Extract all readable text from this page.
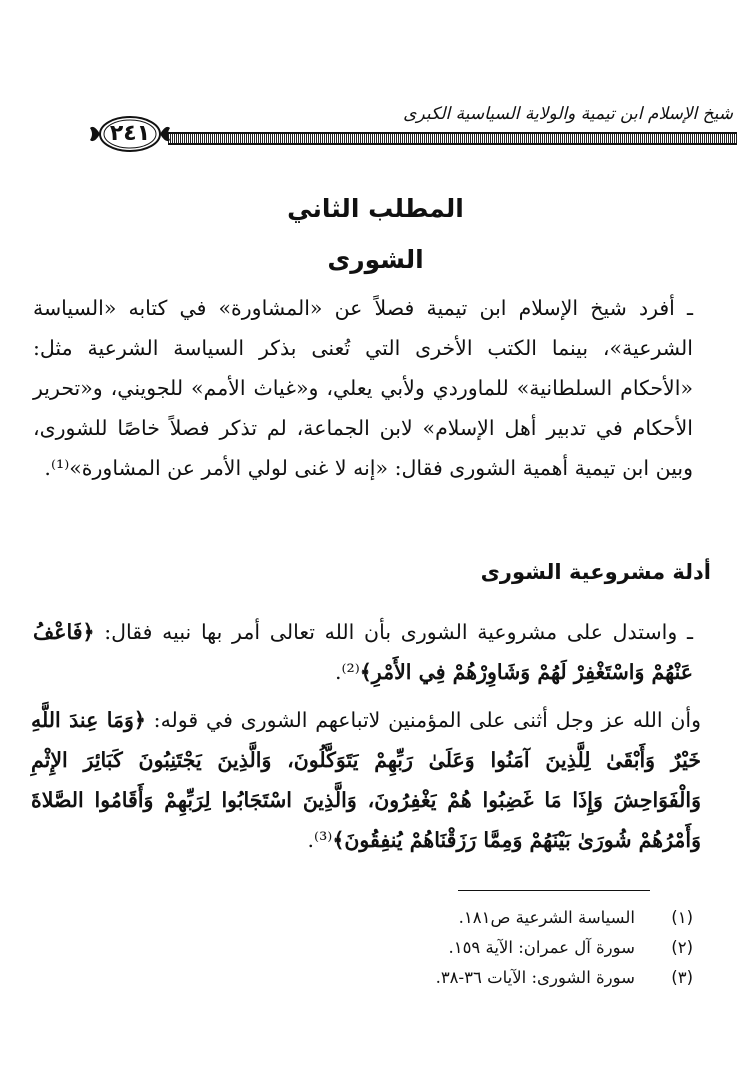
شيخ الإسلام ابن تيمية والولاية السياسية الكبرى
٢٤١
المطلب الثاني
الشورى
ـ أفرد شيخ الإسلام ابن تيمية فصلاً عن «المشاورة» في كتابه «السياسة الشرعية»، بينما الكتب الأخرى التي تُعنى بذكر السياسة الشرعية مثل: «الأحكام السلطانية» للماوردي ولأبي يعلي، و«غياث الأمم» للجويني، و«تحرير الأحكام في تدبير أهل الإسلام» لابن الجماعة، لم تذكر فصلاً خاصًا للشورى، وبين ابن تيمية أهمية الشورى فقال: «إنه لا غنى لولي الأمر عن المشاورة»⁽¹⁾.
أدلة مشروعية الشورى
ـ واستدل على مشروعية الشورى بأن الله تعالى أمر بها نبيه فقال: ﴿فَاعْفُ عَنْهُمْ وَاسْتَغْفِرْ لَهُمْ وَشَاوِرْهُمْ فِي الأَمْرِ﴾⁽²⁾.
وأن الله عز وجل أثنى على المؤمنين لاتباعهم الشورى في قوله: ﴿وَمَا عِندَ اللَّهِ خَيْرٌ وَأَبْقَىٰ لِلَّذِينَ آمَنُوا وَعَلَىٰ رَبِّهِمْ يَتَوَكَّلُونَ، وَالَّذِينَ يَجْتَنِبُونَ كَبَائِرَ الإِثْمِ وَالْفَوَاحِشَ وَإِذَا مَا غَضِبُوا هُمْ يَغْفِرُونَ، وَالَّذِينَ اسْتَجَابُوا لِرَبِّهِمْ وَأَقَامُوا الصَّلاةَ وَأَمْرُهُمْ شُورَىٰ بَيْنَهُمْ وَمِمَّا رَزَقْنَاهُمْ يُنفِقُونَ﴾⁽³⁾.
(١)السياسة الشرعية ص١٨١.
(٢)سورة آل عمران: الآية ١٥٩.
(٣)سورة الشورى: الآيات ٣٦-٣٨.
